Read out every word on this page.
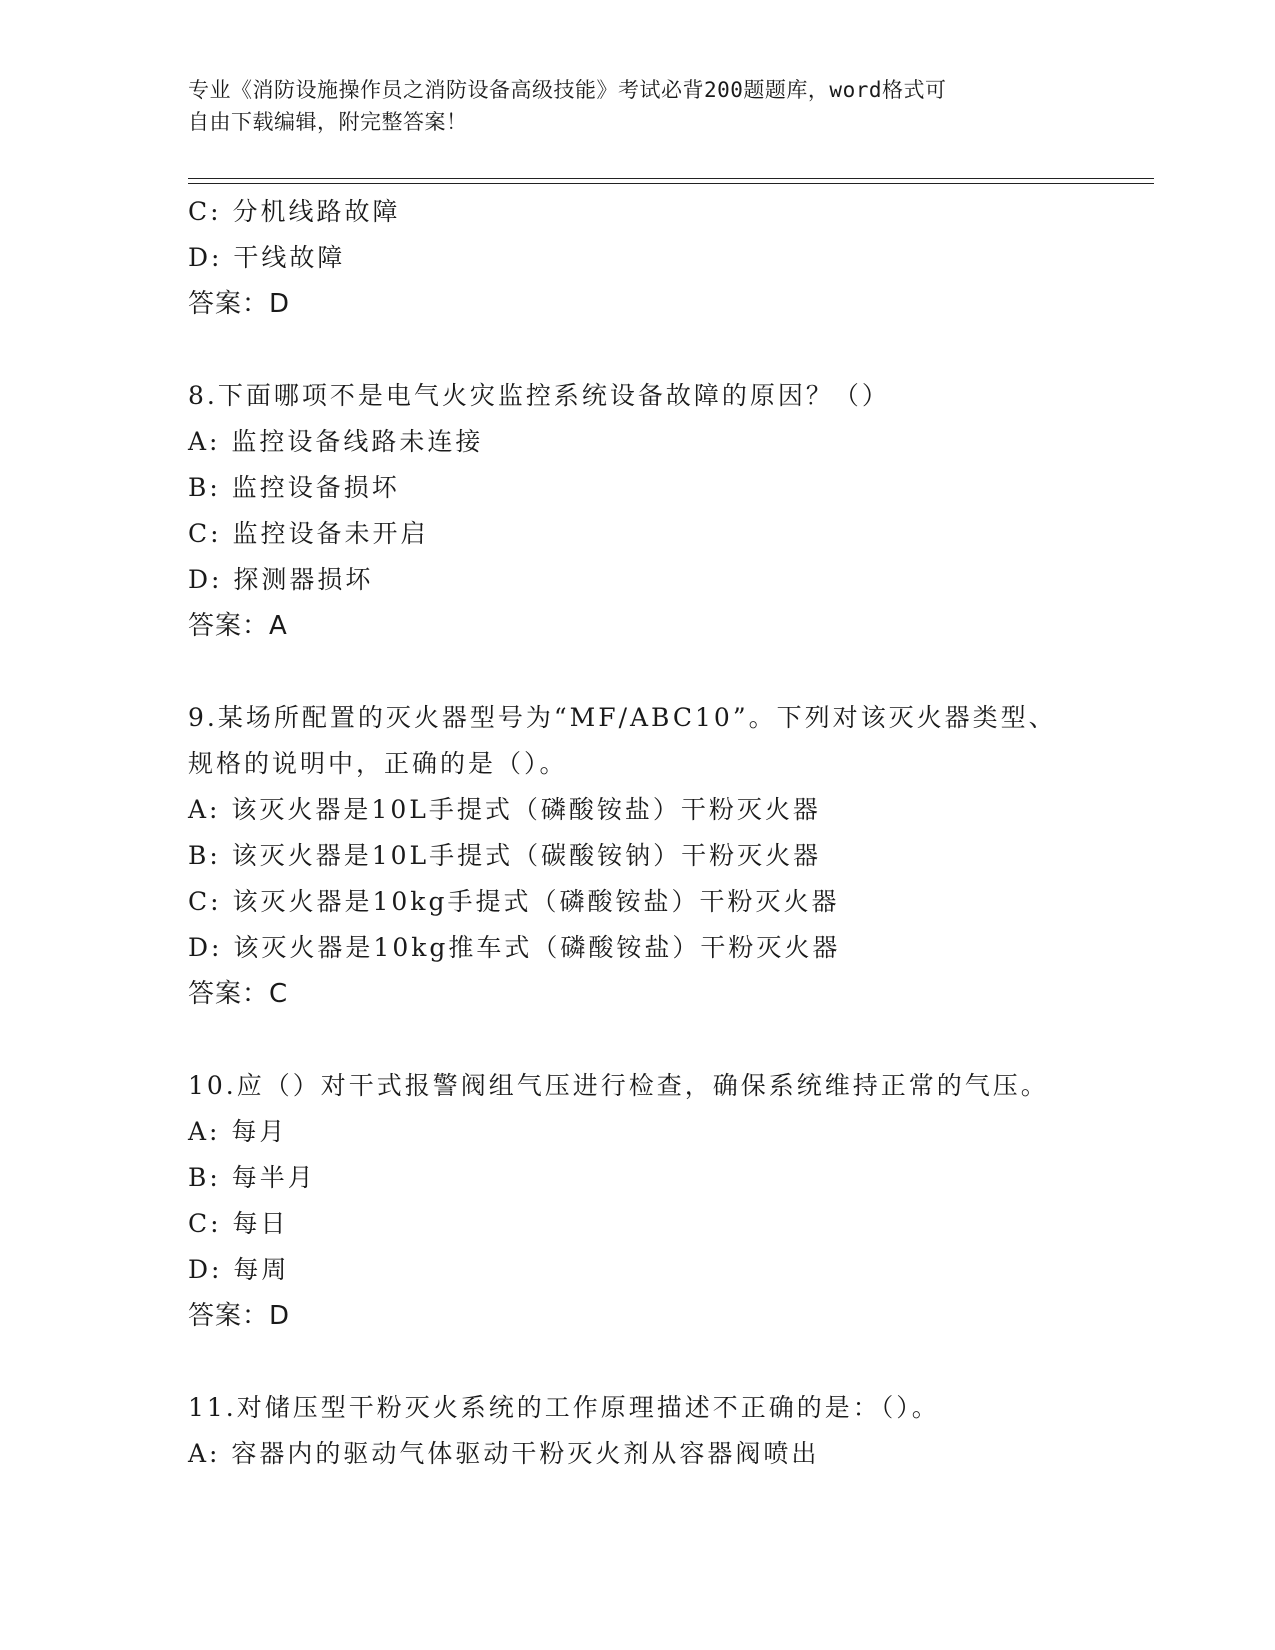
专业《消防设施操作员之消防设备高级技能》考试必背200题题库，word格式可
自由下载编辑，附完整答案！
C: 分机线路故障
D: 干线故障
答案：D
8.下面哪项不是电气火灾监控系统设备故障的原因？（）
A: 监控设备线路未连接
B: 监控设备损坏
C: 监控设备未开启
D: 探测器损坏
答案：A
9.某场所配置的灭火器型号为“MF/ABC10”。下列对该灭火器类型、
规格的说明中，正确的是（）。
A: 该灭火器是10L手提式（磷酸铵盐）干粉灭火器
B: 该灭火器是10L手提式（碳酸铵钠）干粉灭火器
C: 该灭火器是10kg手提式（磷酸铵盐）干粉灭火器
D: 该灭火器是10kg推车式（磷酸铵盐）干粉灭火器
答案：C
10.应（）对干式报警阀组气压进行检查，确保系统维持正常的气压。
A: 每月
B: 每半月
C: 每日
D: 每周
答案：D
11.对储压型干粉灭火系统的工作原理描述不正确的是：（）。
A: 容器内的驱动气体驱动干粉灭火剂从容器阀喷出
